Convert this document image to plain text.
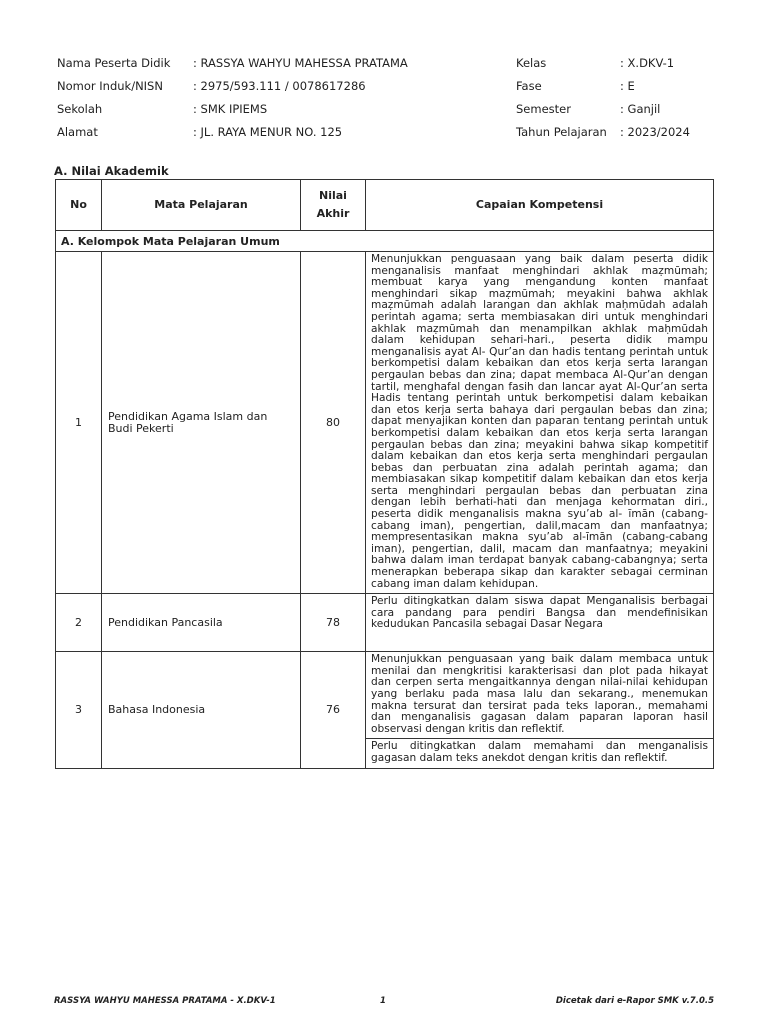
Nama Peserta Didik	: RASSYA WAHYU MAHESSA PRATAMA	Kelas	: X.DKV-1
Nomor Induk/NISN	: 2975/593.111 / 0078617286	Fase	: E
Sekolah	: SMK IPIEMS	Semester	: Ganjil
Alamat	: JL. RAYA MENUR NO. 125	Tahun Pelajaran	: 2023/2024
A. Nilai Akademik
No	Mata Pelajaran	Nilai Akhir	Capaian Kompetensi
A. Kelompok Mata Pelajaran Umum			
1	Pendidikan Agama Islam dan Budi Pekerti	80	Menunjukkan penguasaan yang baik dalam peserta didik menganalisis manfaat menghindari akhlak maẓmūmah; membuat karya yang mengandung konten manfaat menghindari sikap maẓmūmah; meyakini bahwa akhlak maẓmūmah adalah larangan dan akhlak maḥmūdah adalah perintah agama; serta membiasakan diri untuk menghindari akhlak maẓmūmah dan menampilkan akhlak maḥmūdah dalam kehidupan sehari-hari., peserta didik mampu menganalisis ayat Al- Qur’an dan hadis tentang perintah untuk berkompetisi dalam kebaikan dan etos kerja serta larangan pergaulan bebas dan zina; dapat membaca Al-Qur’an dengan tartil, menghafal dengan fasih dan lancar ayat Al-Qur’an serta Hadis tentang perintah untuk berkompetisi dalam kebaikan dan etos kerja serta bahaya dari pergaulan bebas dan zina; dapat menyajikan konten dan paparan tentang perintah untuk berkompetisi dalam kebaikan dan etos kerja serta larangan pergaulan bebas dan zina; meyakini bahwa sikap kompetitif dalam kebaikan dan etos kerja serta menghindari pergaulan bebas dan perbuatan zina adalah perintah agama; dan membiasakan sikap kompetitif dalam kebaikan dan etos kerja serta menghindari pergaulan bebas dan perbuatan zina dengan lebih berhati-hati dan menjaga kehormatan diri., peserta didik menganalisis makna syu’ab al- īmān (cabang-cabang iman), pengertian, dalil,macam dan manfaatnya; mempresentasikan makna syu’ab al-īmān (cabang-cabang iman), pengertian, dalil, macam dan manfaatnya; meyakini bahwa dalam iman terdapat banyak cabang-cabangnya; serta menerapkan beberapa sikap dan karakter sebagai cerminan cabang iman dalam kehidupan.
2	Pendidikan Pancasila	78	Perlu ditingkatkan dalam siswa dapat Menganalisis berbagai cara pandang para pendiri Bangsa dan mendefinisikan kedudukan Pancasila sebagai Dasar Negara
3	Bahasa Indonesia	76	Menunjukkan penguasaan yang baik dalam membaca untuk menilai dan mengkritisi karakterisasi dan plot pada hikayat dan cerpen serta mengaitkannya dengan nilai-nilai kehidupan yang berlaku pada masa lalu dan sekarang., menemukan makna tersurat dan tersirat pada teks laporan., memahami dan menganalisis gagasan dalam paparan laporan hasil observasi dengan kritis dan reflektif.
Perlu ditingkatkan dalam memahami dan menganalisis gagasan dalam teks anekdot dengan kritis dan reflektif.
RASSYA WAHYU MAHESSA PRATAMA - X.DKV-1	1	Dicetak dari e-Rapor SMK v.7.0.5
